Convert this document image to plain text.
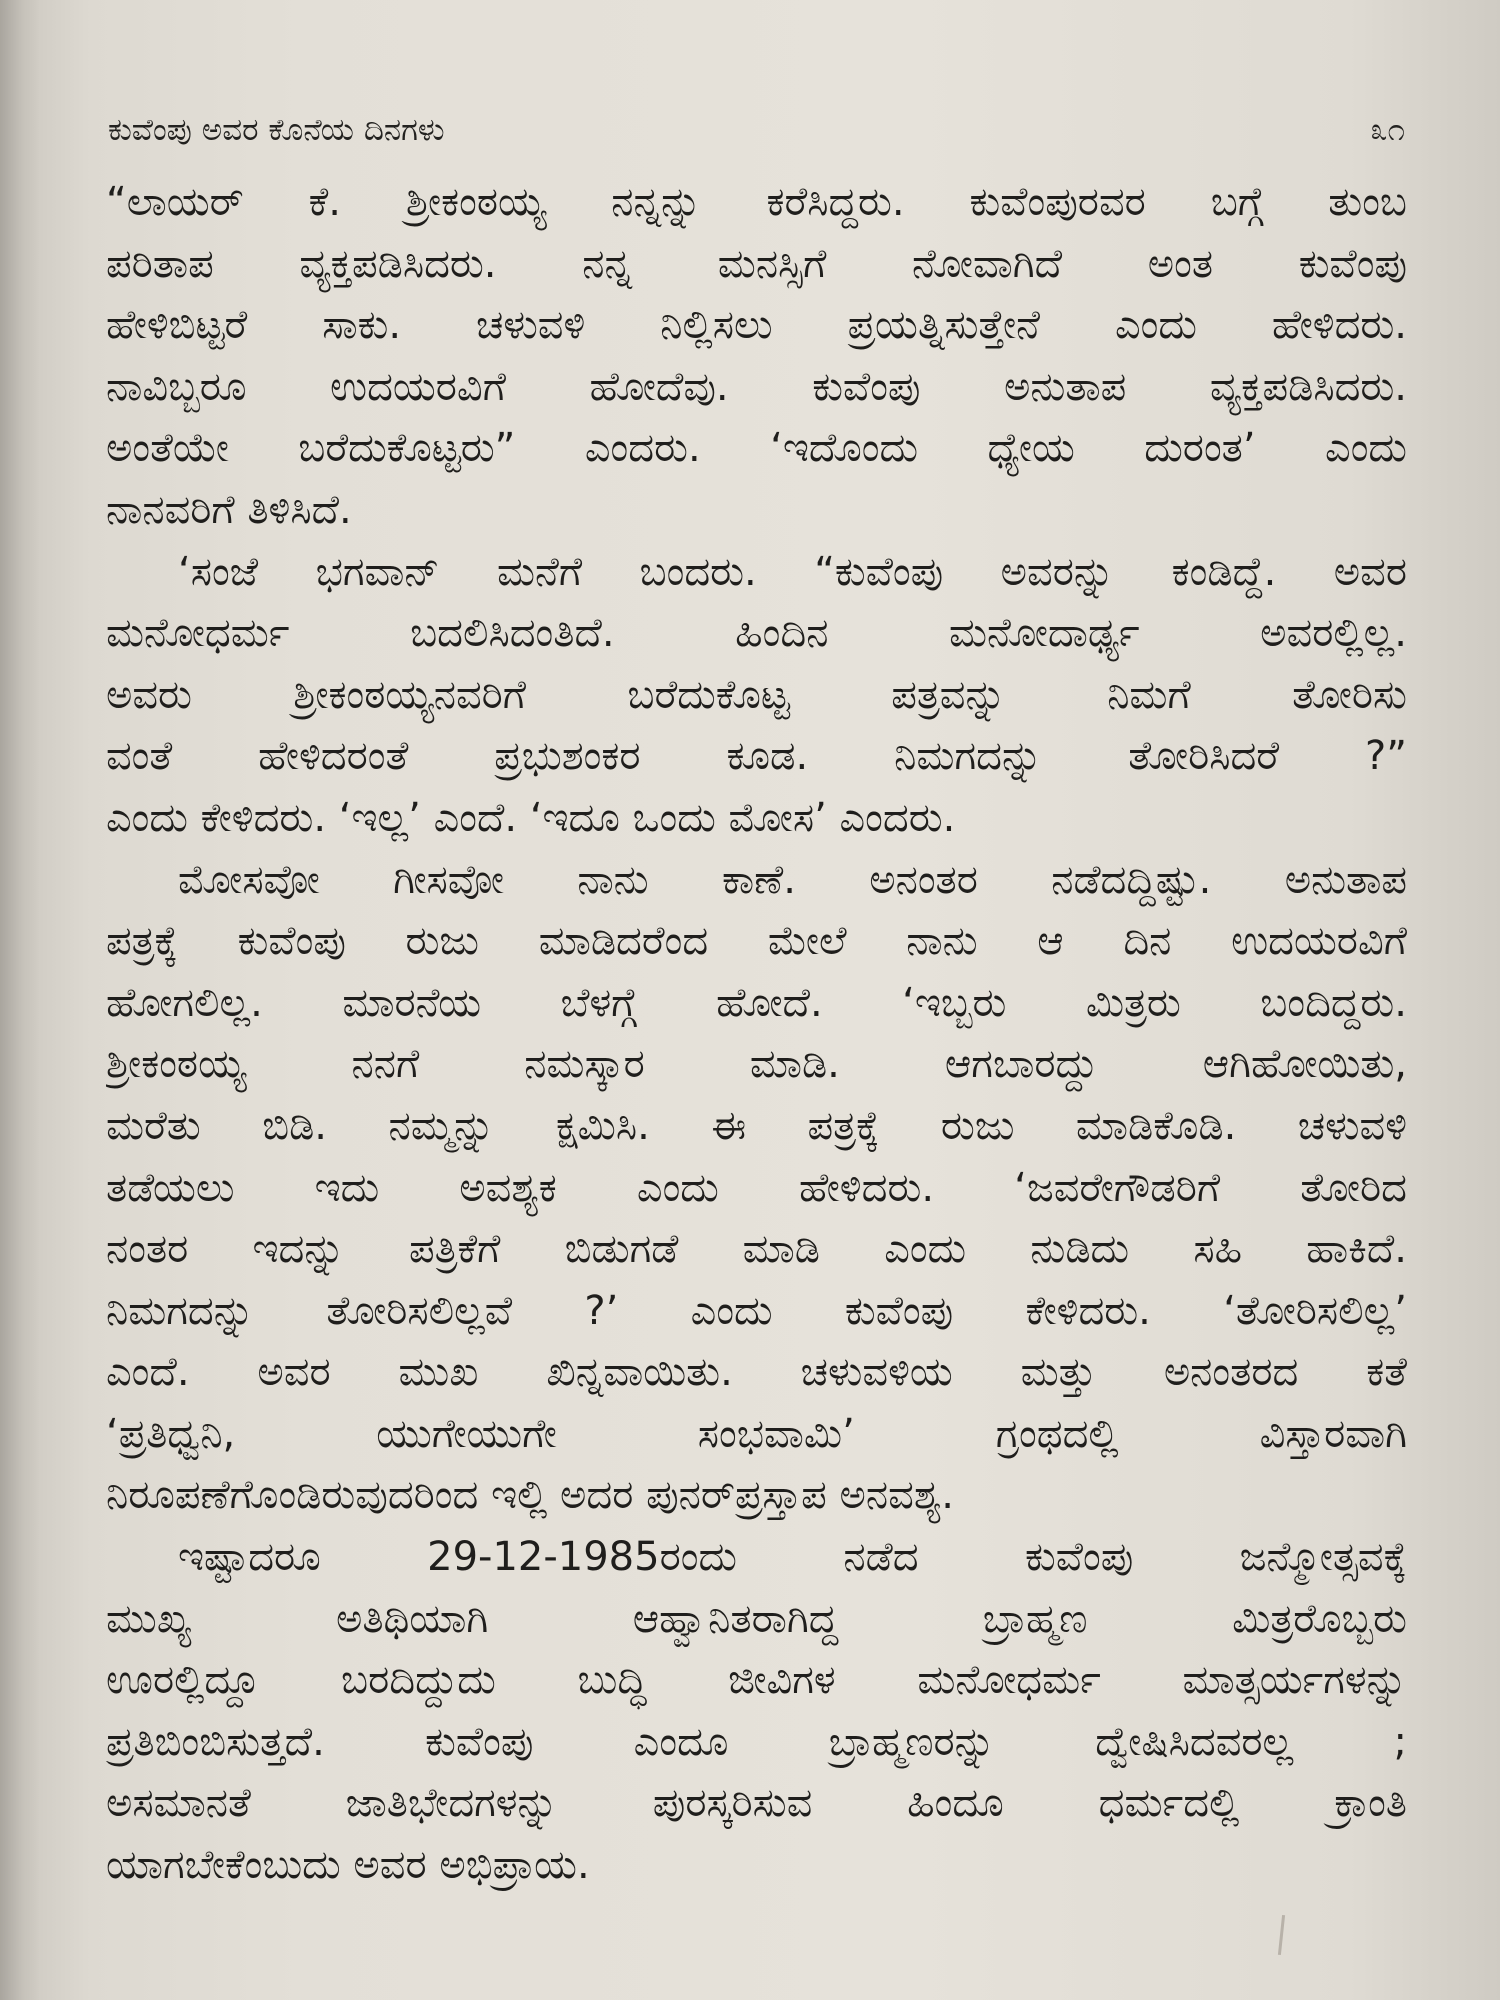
ಕುವೆಂಪು ಅವರ ಕೊನೆಯ ದಿನಗಳು	೩೧

“ಲಾಯರ್ ಕೆ. ಶ್ರೀಕಂಠಯ್ಯ ನನ್ನನ್ನು ಕರೆಸಿದ್ದರು. ಕುವೆಂಪುರವರ ಬಗ್ಗೆ ತುಂಬ
ಪರಿತಾಪ ವ್ಯಕ್ತಪಡಿಸಿದರು. ನನ್ನ ಮನಸ್ಸಿಗೆ ನೋವಾಗಿದೆ ಅಂತ ಕುವೆಂಪು
ಹೇಳಿಬಿಟ್ಟರೆ ಸಾಕು. ಚಳುವಳಿ ನಿಲ್ಲಿಸಲು ಪ್ರಯತ್ನಿಸುತ್ತೇನೆ ಎಂದು ಹೇಳಿದರು.
ನಾವಿಬ್ಬರೂ ಉದಯರವಿಗೆ ಹೋದೆವು. ಕುವೆಂಪು ಅನುತಾಪ ವ್ಯಕ್ತಪಡಿಸಿದರು.
ಅಂತೆಯೇ ಬರೆದುಕೊಟ್ಟರು” ಎಂದರು. ‘ಇದೊಂದು ಧ್ಯೇಯ ದುರಂತ’ ಎಂದು
ನಾನವರಿಗೆ ತಿಳಿಸಿದೆ.

‘ಸಂಜೆ ಭಗವಾನ್ ಮನೆಗೆ ಬಂದರು. “ಕುವೆಂಪು ಅವರನ್ನು ಕಂಡಿದ್ದೆ. ಅವರ
ಮನೋಧರ್ಮ ಬದಲಿಸಿದಂತಿದೆ. ಹಿಂದಿನ ಮನೋದಾರ್ಢ್ಯ ಅವರಲ್ಲಿಲ್ಲ.
ಅವರು ಶ್ರೀಕಂಠಯ್ಯನವರಿಗೆ ಬರೆದುಕೊಟ್ಟ ಪತ್ರವನ್ನು ನಿಮಗೆ ತೋರಿಸು
ವಂತೆ ಹೇಳಿದರಂತೆ ಪ್ರಭುಶಂಕರ ಕೂಡ. ನಿಮಗದನ್ನು ತೋರಿಸಿದರೆ ?”
ಎಂದು ಕೇಳಿದರು. ‘ಇಲ್ಲ’ ಎಂದೆ. ‘ಇದೂ ಒಂದು ಮೋಸ’ ಎಂದರು.

ಮೋಸವೋ ಗೀಸವೋ ನಾನು ಕಾಣೆ. ಅನಂತರ ನಡೆದದ್ದಿಷ್ಟು. ಅನುತಾಪ
ಪತ್ರಕ್ಕೆ ಕುವೆಂಪು ರುಜು ಮಾಡಿದರೆಂದ ಮೇಲೆ ನಾನು ಆ ದಿನ ಉದಯರವಿಗೆ
ಹೋಗಲಿಲ್ಲ. ಮಾರನೆಯ ಬೆಳಗ್ಗೆ ಹೋದೆ. ‘ಇಬ್ಬರು ಮಿತ್ರರು ಬಂದಿದ್ದರು.
ಶ್ರೀಕಂಠಯ್ಯ ನನಗೆ ನಮಸ್ಕಾರ ಮಾಡಿ. ಆಗಬಾರದ್ದು ಆಗಿಹೋಯಿತು,
ಮರೆತು ಬಿಡಿ. ನಮ್ಮನ್ನು ಕ್ಷಮಿಸಿ. ಈ ಪತ್ರಕ್ಕೆ ರುಜು ಮಾಡಿಕೊಡಿ. ಚಳುವಳಿ
ತಡೆಯಲು ಇದು ಅವಶ್ಯಕ ಎಂದು ಹೇಳಿದರು. ‘ಜವರೇಗೌಡರಿಗೆ ತೋರಿದ
ನಂತರ ಇದನ್ನು ಪತ್ರಿಕೆಗೆ ಬಿಡುಗಡೆ ಮಾಡಿ ಎಂದು ನುಡಿದು ಸಹಿ ಹಾಕಿದೆ.
ನಿಮಗದನ್ನು ತೋರಿಸಲಿಲ್ಲವೆ ?’ ಎಂದು ಕುವೆಂಪು ಕೇಳಿದರು. ‘ತೋರಿಸಲಿಲ್ಲ’
ಎಂದೆ. ಅವರ ಮುಖ ಖಿನ್ನವಾಯಿತು. ಚಳುವಳಿಯ ಮತ್ತು ಅನಂತರದ ಕತೆ
‘ಪ್ರತಿಧ್ವನಿ, ಯುಗೇಯುಗೇ ಸಂಭವಾಮಿ’ ಗ್ರಂಥದಲ್ಲಿ ವಿಸ್ತಾರವಾಗಿ
ನಿರೂಪಣೆಗೊಂಡಿರುವುದರಿಂದ ಇಲ್ಲಿ ಅದರ ಪುನರ್‌ಪ್ರಸ್ತಾಪ ಅನವಶ್ಯ.

ಇಷ್ಟಾದರೂ 29-12-1985ರಂದು ನಡೆದ ಕುವೆಂಪು ಜನ್ಮೋತ್ಸವಕ್ಕೆ
ಮುಖ್ಯ ಅತಿಥಿಯಾಗಿ ಆಹ್ವಾನಿತರಾಗಿದ್ದ ಬ್ರಾಹ್ಮಣ ಮಿತ್ರರೊಬ್ಬರು
ಊರಲ್ಲಿದ್ದೂ ಬರದಿದ್ದುದು ಬುದ್ಧಿ ಜೀವಿಗಳ ಮನೋಧರ್ಮ ಮಾತ್ಸರ್ಯಗಳನ್ನು
ಪ್ರತಿಬಿಂಬಿಸುತ್ತದೆ. ಕುವೆಂಪು ಎಂದೂ ಬ್ರಾಹ್ಮಣರನ್ನು ದ್ವೇಷಿಸಿದವರಲ್ಲ ;
ಅಸಮಾನತೆ ಜಾತಿಭೇದಗಳನ್ನು ಪುರಸ್ಕರಿಸುವ ಹಿಂದೂ ಧರ್ಮದಲ್ಲಿ ಕ್ರಾಂತಿ
ಯಾಗಬೇಕೆಂಬುದು ಅವರ ಅಭಿಪ್ರಾಯ.
